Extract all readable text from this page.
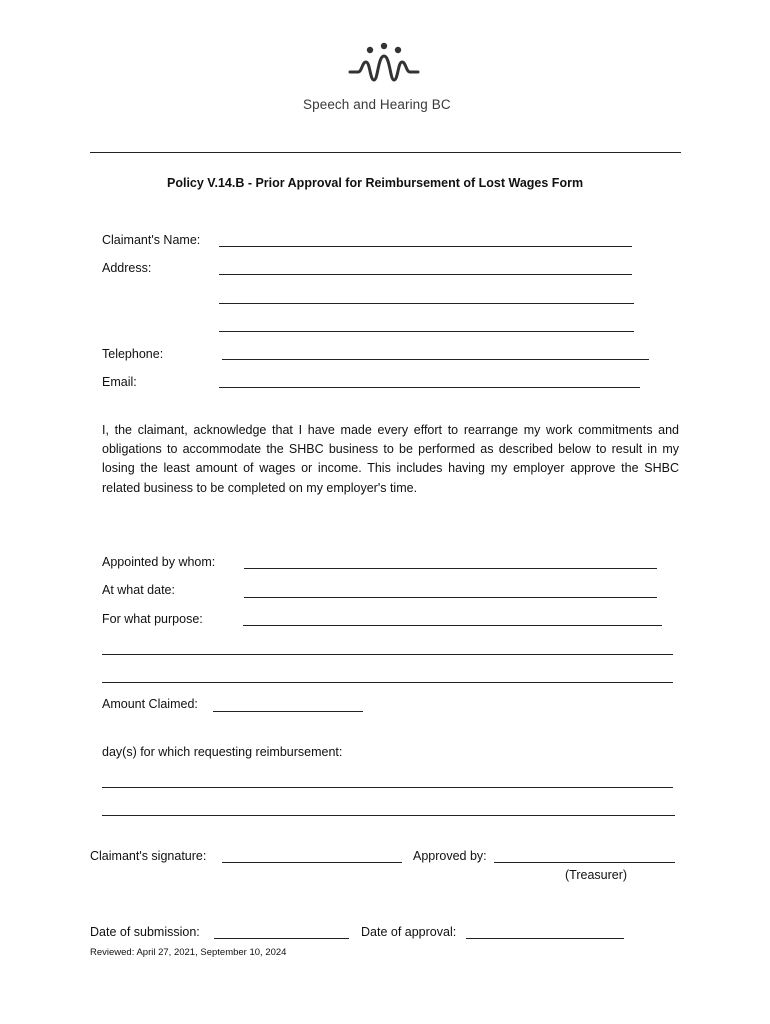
Speech and Hearing BC
Policy V.14.B - Prior Approval for Reimbursement of Lost Wages Form
Claimant's Name:
Address:
Telephone:
Email:
I, the claimant, acknowledge that I have made every effort to rearrange my work commitments and obligations to accommodate the SHBC business to be performed as described below to result in my losing the least amount of wages or income. This includes having my employer approve the SHBC related business to be completed on my employer's time.
Appointed by whom:
At what date:
For what purpose:
Amount Claimed:
day(s) for which requesting reimbursement:
Claimant's signature:	Approved by:
(Treasurer)
Date of submission:	Date of approval:
Reviewed: April 27, 2021, September 10, 2024
